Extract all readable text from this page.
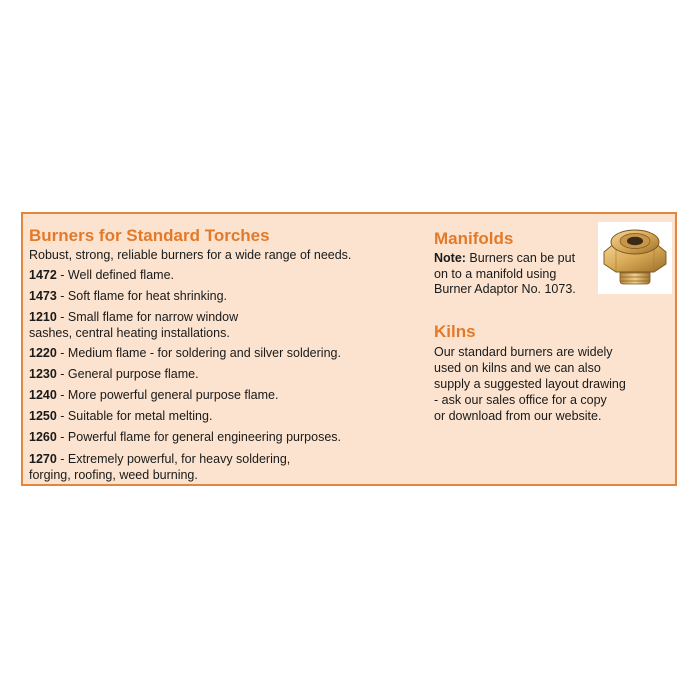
Burners for Standard Torches
Robust, strong, reliable burners for a wide range of needs.
1472 - Well defined flame.
1473 - Soft flame for heat shrinking.
1210 - Small flame for narrow window
sashes, central heating installations.
1220 - Medium flame - for soldering and silver soldering.
1230 - General purpose flame.
1240 - More powerful general purpose flame.
1250 - Suitable for metal melting.
1260 - Powerful flame for general engineering purposes.
1270 - Extremely powerful, for heavy soldering,
forging, roofing, weed burning.
Manifolds
Note: Burners can be put
on to a manifold using
Burner Adaptor No. 1073.
Kilns
Our standard burners are widely
used on kilns and we can also
supply a suggested layout drawing
- ask our sales office for a copy
or download from our website.
